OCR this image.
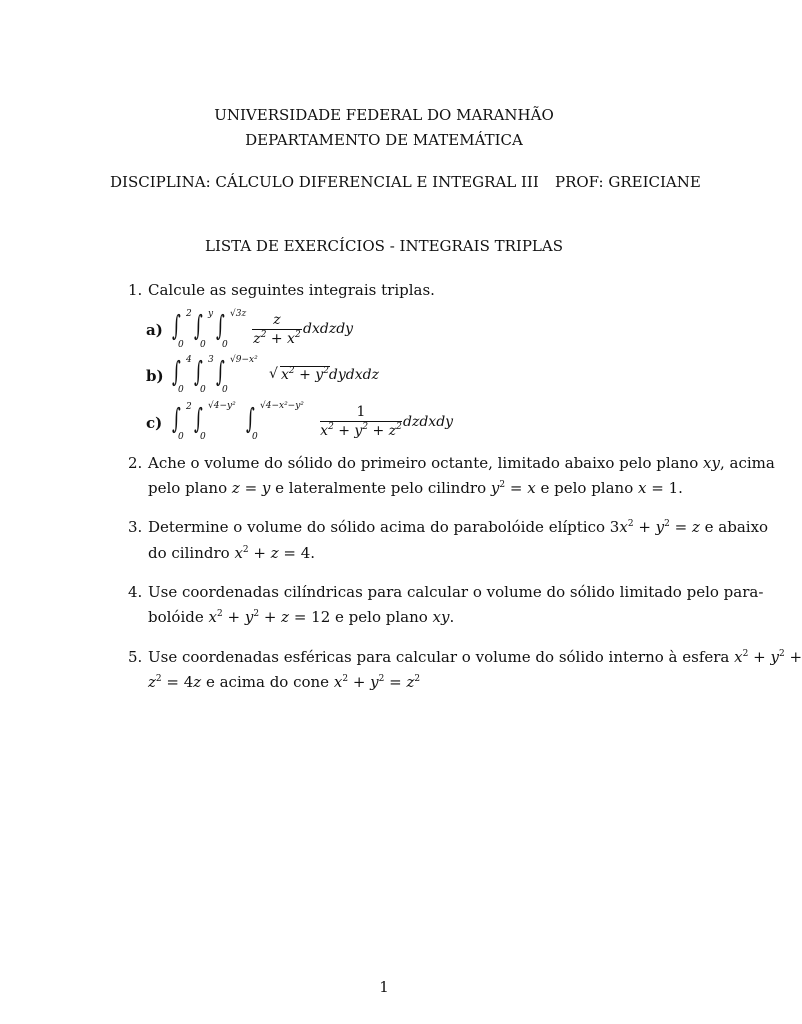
UNIVERSIDADE FEDERAL DO MARANHÃO
DEPARTAMENTO DE MATEMÁTICA
DISCIPLINA: CÁLCULO DIFERENCIAL E INTEGRAL III PROF: GREICIANE
LISTA DE EXERCÍCIOS - INTEGRAIS TRIPLAS
1. Calcule as seguintes integrais triplas.
a) ∫ 2
0
∫ y
0
∫ √3z
0
z
$z^2 + x^2$ dxdzdy
b) ∫ 4
0
∫ 3
0
∫ √9−x²
0
√ $x^2$ + $y^2dydxdz$
c) ∫ 2
0
∫ √4−y²
0
∫ √4−x²−y²
0
1
$x^2 + y^2 + z^2$ dzdxdy
2. Ache o volume do sólido do primeiro octante, limitado abaixo pelo plano xy, acima
pelo plano z = y e lateralmente pelo cilindro $y^2 = x$ e pelo plano x = 1.
3. Determine o volume do sólido acima do parabolóide elíptico $3x^2 + y^2 = z$ e abaixo
do cilindro $x^2 + z = 4$.
4. Use coordenadas cilíndricas para calcular o volume do sólido limitado pelo para-
bolóide $x^2 + y^2 + z = 12$ e pelo plano xy.
5. Use coordenadas esféricas para calcular o volume do sólido interno à esfera $x^2 + y^2$ +
$z^2 = 4z$ e acima do cone $x^2 + y^2 = z^2$
1
